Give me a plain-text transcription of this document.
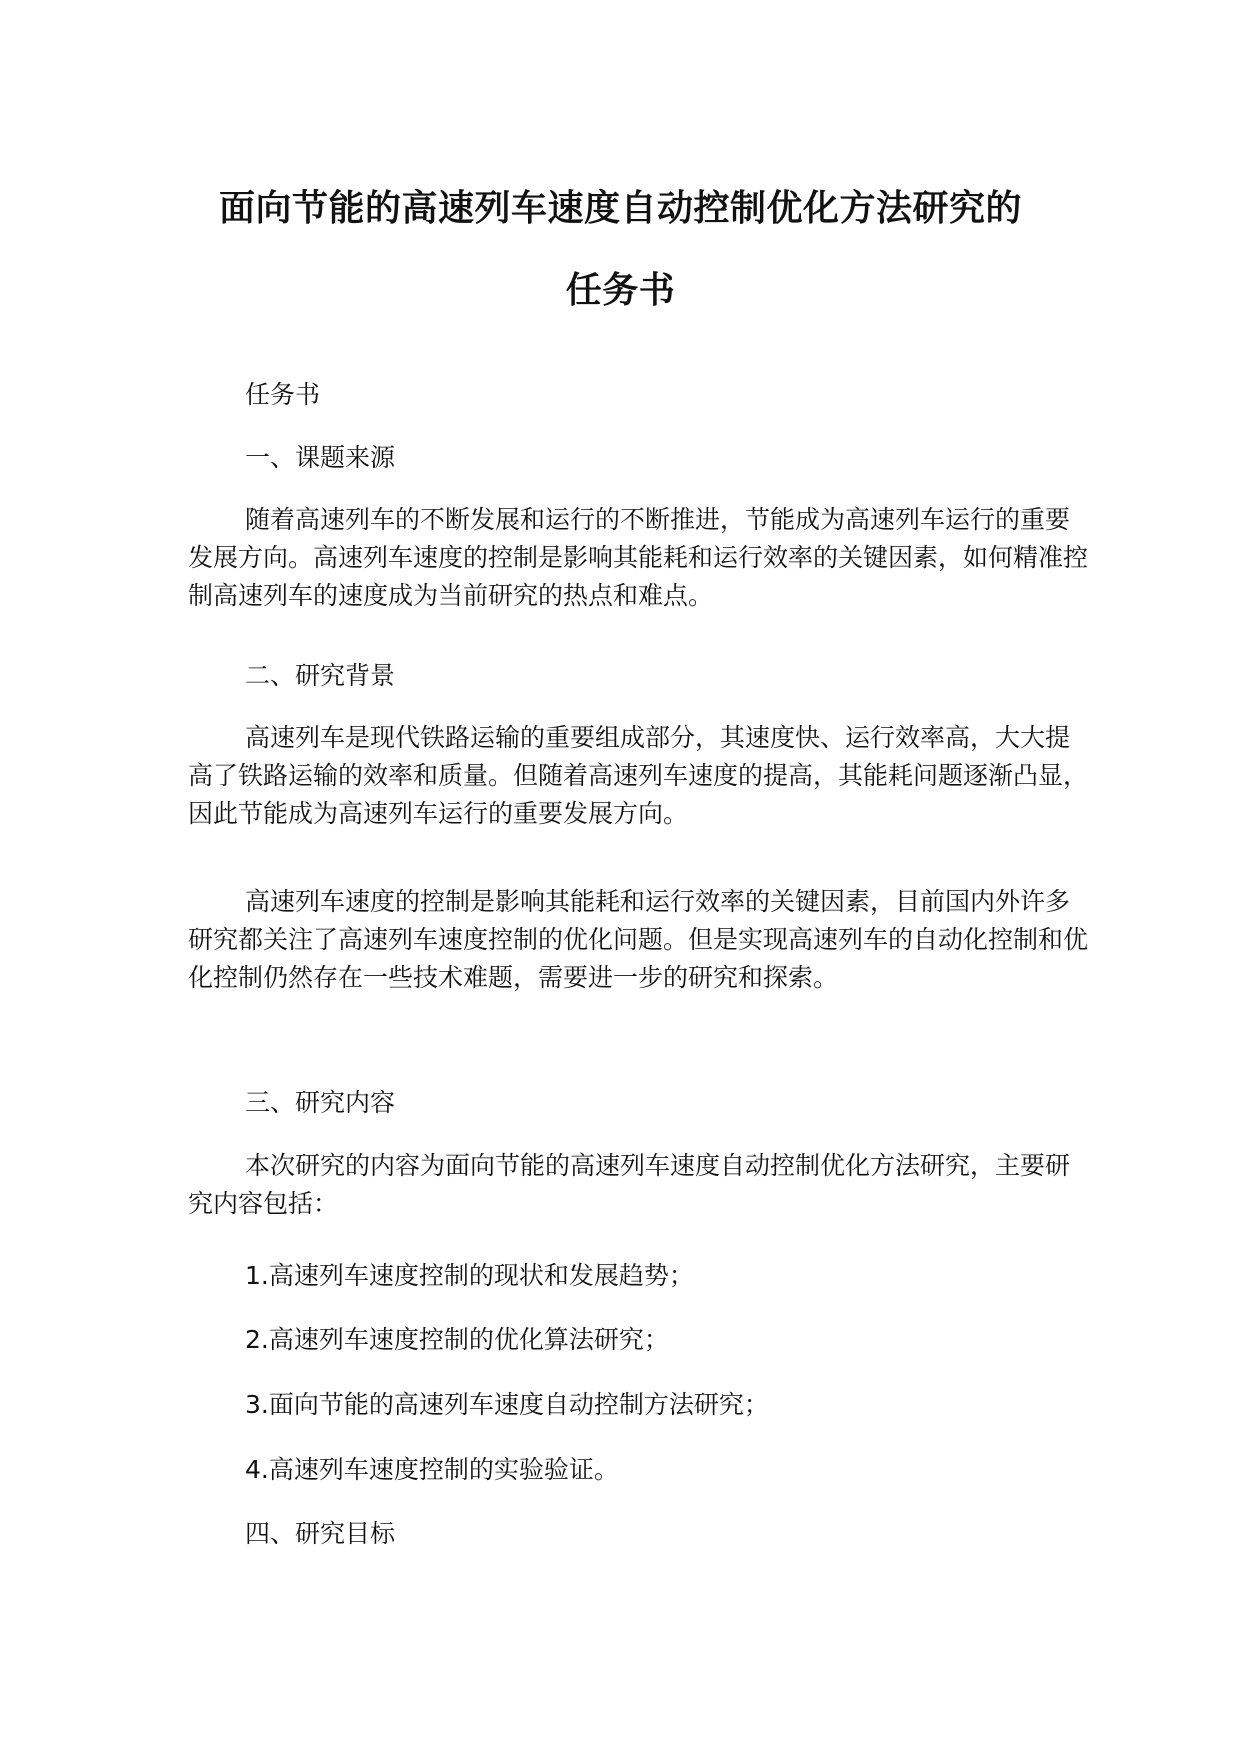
面向节能的高速列车速度自动控制优化方法研究的
任务书
任务书
一、课题来源
随着高速列车的不断发展和运行的不断推进，节能成为高速列车运行的重要发展方向。高速列车速度的控制是影响其能耗和运行效率的关键因素，如何精准控制高速列车的速度成为当前研究的热点和难点。
二、研究背景
高速列车是现代铁路运输的重要组成部分，其速度快、运行效率高，大大提高了铁路运输的效率和质量。但随着高速列车速度的提高，其能耗问题逐渐凸显，因此节能成为高速列车运行的重要发展方向。
高速列车速度的控制是影响其能耗和运行效率的关键因素，目前国内外许多研究都关注了高速列车速度控制的优化问题。但是实现高速列车的自动化控制和优化控制仍然存在一些技术难题，需要进一步的研究和探索。
三、研究内容
本次研究的内容为面向节能的高速列车速度自动控制优化方法研究，主要研究内容包括：
1.高速列车速度控制的现状和发展趋势；
2.高速列车速度控制的优化算法研究；
3.面向节能的高速列车速度自动控制方法研究；
4.高速列车速度控制的实验验证。
四、研究目标
